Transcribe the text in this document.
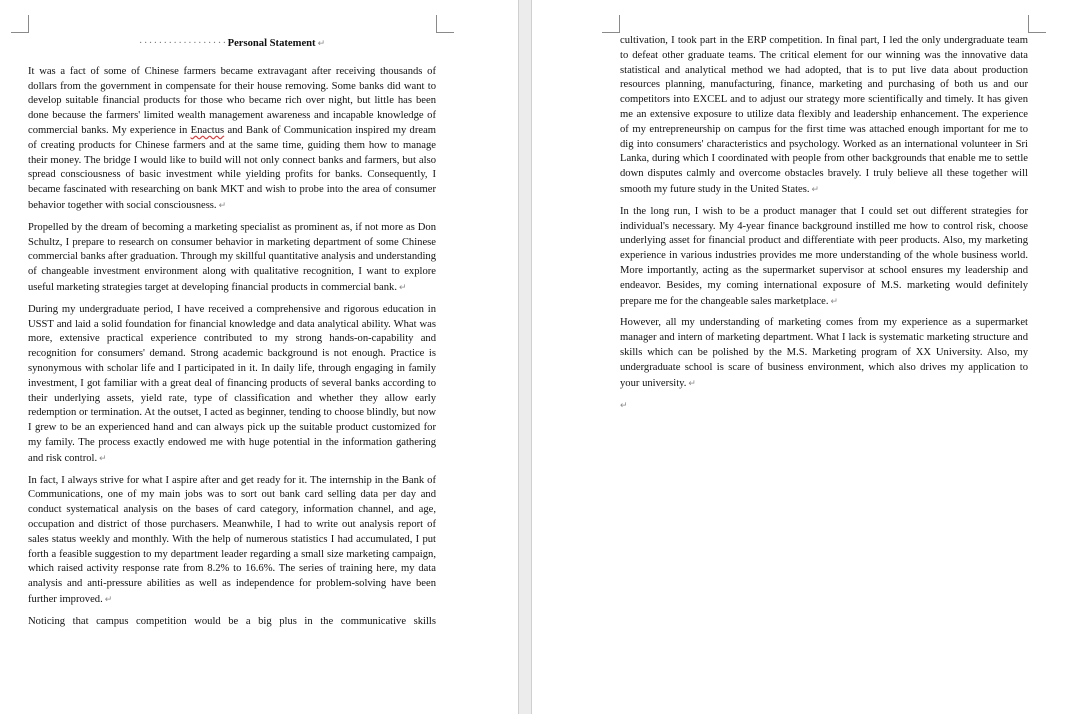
··················Personal Statement ↵

It was a fact of some of Chinese farmers became extravagant after receiving thousands of dollars from the government in compensate for their house removing. Some banks did want to develop suitable financial products for those who became rich over night, but little has been done because the farmers' limited wealth management awareness and incapable knowledge of commercial banks. My experience in Enactus and Bank of Communication inspired my dream of creating products for Chinese farmers and at the same time, guiding them how to manage their money. The bridge I would like to build will not only connect banks and farmers, but also spread consciousness of basic investment while yielding profits for banks. Consequently, I became fascinated with researching on bank MKT and wish to probe into the area of consumer behavior together with social consciousness. ↵

Propelled by the dream of becoming a marketing specialist as prominent as, if not more as Don Schultz, I prepare to research on consumer behavior in marketing department of some Chinese commercial banks after graduation. Through my skillful quantitative analysis and understanding of changeable investment environment along with qualitative recognition, I want to explore useful marketing strategies target at developing financial products in commercial bank. ↵

During my undergraduate period, I have received a comprehensive and rigorous education in USST and laid a solid foundation for financial knowledge and data analytical ability. What was more, extensive practical experience contributed to my strong hands-on-capability and recognition for consumers' demand. Strong academic background is not enough. Practice is synonymous with scholar life and I participated in it. In daily life, through engaging in family investment, I got familiar with a great deal of financing products of several banks according to their underlying assets, yield rate, type of classification and whether they allow early redemption or termination. At the outset, I acted as beginner, tending to choose blindly, but now I grew to be an experienced hand and can always pick up the suitable product customized for my family. The process exactly endowed me with huge potential in the information gathering and risk control. ↵

In fact, I always strive for what I aspire after and get ready for it. The internship in the Bank of Communications, one of my main jobs was to sort out bank card selling data per day and conduct systematical analysis on the bases of card category, information channel, and age, occupation and district of those purchasers. Meanwhile, I had to write out analysis report of sales status weekly and monthly. With the help of numerous statistics I had accumulated, I put forth a feasible suggestion to my department leader regarding a small size marketing campaign, which raised activity response rate from 8.2% to 16.6%. The series of training here, my data analysis and anti-pressure abilities as well as independence for problem-solving have been further improved. ↵

Noticing that campus competition would be a big plus in the communicative skills

cultivation, I took part in the ERP competition. In final part, I led the only undergraduate team to defeat other graduate teams. The critical element for our winning was the innovative data statistical and analytical method we had adopted, that is to put live data about production resources planning, manufacturing, finance, marketing and purchasing of both us and our competitors into EXCEL and to adjust our strategy more scientifically and timely. It has given me an extensive exposure to utilize data flexibly and leadership enhancement. The experience of my entrepreneurship on campus for the first time was attached enough important for me to dig into consumers' characteristics and psychology. Worked as an international volunteer in Sri Lanka, during which I coordinated with people from other backgrounds that enable me to settle down disputes calmly and overcome obstacles bravely. I truly believe all these together will smooth my future study in the United States. ↵

In the long run, I wish to be a product manager that I could set out different strategies for individual's necessary. My 4-year finance background instilled me how to control risk, choose underlying asset for financial product and differentiate with peer products. Also, my marketing experience in various industries provides me more understanding of the whole business world. More importantly, acting as the supermarket supervisor at school ensures my leadership and endeavor. Besides, my coming international exposure of M.S. marketing would definitely prepare me for the changeable sales marketplace. ↵

However, all my understanding of marketing comes from my experience as a supermarket manager and intern of marketing department. What I lack is systematic marketing structure and skills which can be polished by the M.S. Marketing program of XX University. Also, my undergraduate school is scare of business environment, which also drives my application to your university. ↵

↵
